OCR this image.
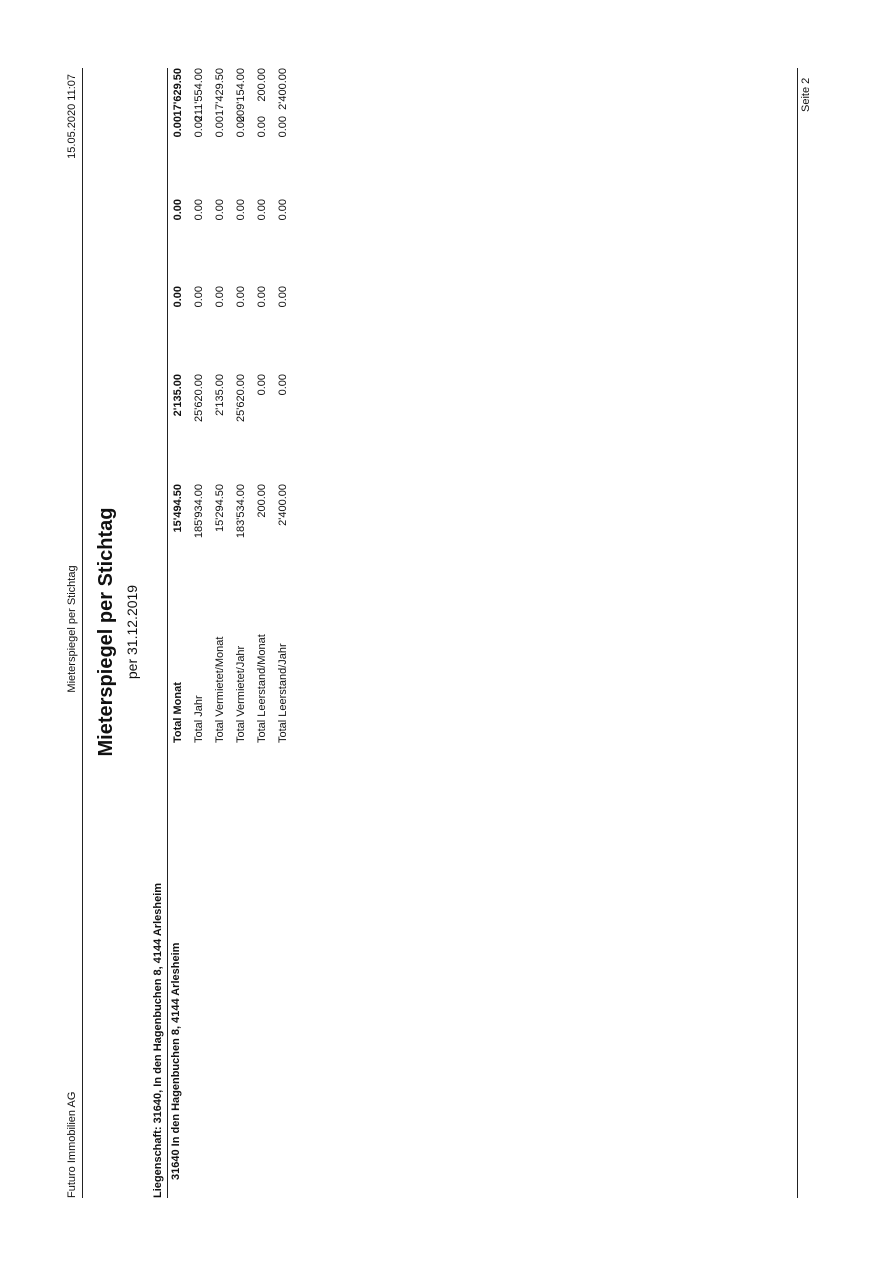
Futuro Immobilien AG
Mieterspiegel per Stichtag
15.05.2020 11:07
Mieterspiegel per Stichtag per 31.12.2019
Liegenschaft: 31640, In den Hagenbuchen 8, 4144 Arlesheim 31640 In den Hagenbuchen 8, 4144 Arlesheim
Total Monat
15'494.50
2'135.00
0.00
0.00
0.00
17'629.50
Total Jahr
185'934.00
25'620.00
0.00
0.00
0.00
211'554.00
Total Vermietet/Monat
15'294.50
2'135.00
0.00
0.00
0.00
17'429.50
Total Vermietet/Jahr
183'534.00
25'620.00
0.00
0.00
0.00
209'154.00
Total Leerstand/Monat
200.00
0.00
0.00
0.00
0.00
200.00
Total Leerstand/Jahr
2'400.00
0.00
0.00
0.00
0.00
2'400.00	Seite 2
